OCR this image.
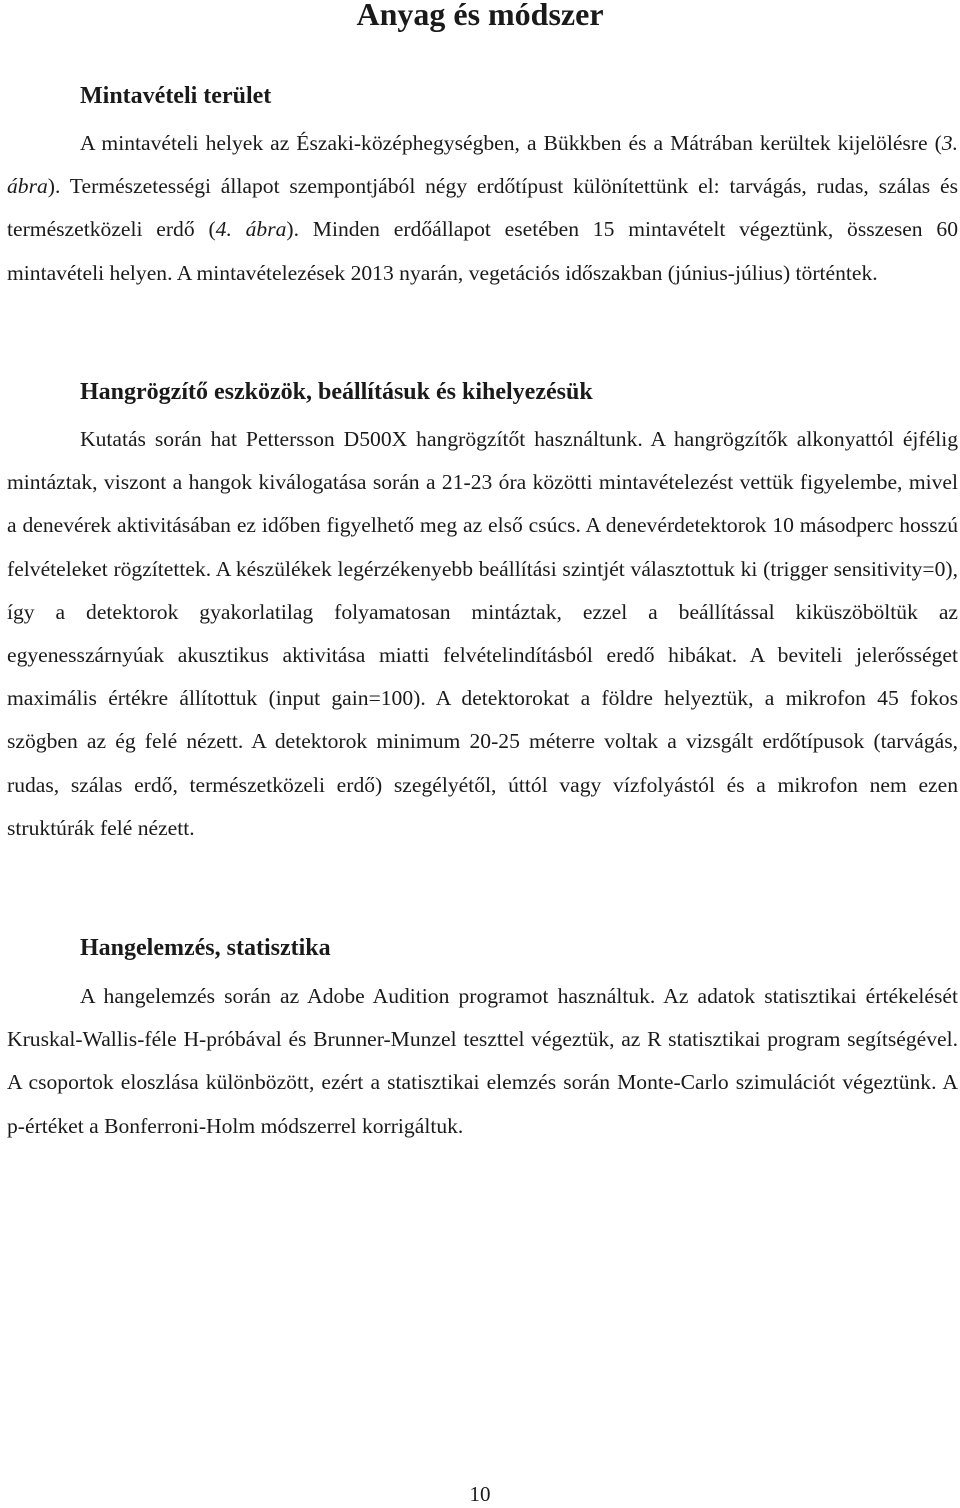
Anyag és módszer
Mintavételi terület

A mintavételi helyek az Északi-középhegységben, a Bükkben és a Mátrában kerültek kijelölésre (3. ábra). Természetességi állapot szempontjából négy erdőtípust különítettünk el: tarvágás, rudas, szálas és természetközeli erdő (4. ábra). Minden erdőállapot esetében 15 mintavételt végeztünk, összesen 60 mintavételi helyen. A mintavételezések 2013 nyarán, vegetációs időszakban (június-július) történtek.

Hangrögzítő eszközök, beállításuk és kihelyezésük

Kutatás során hat Pettersson D500X hangrögzítőt használtunk. A hangrögzítők alkonyattól éjfélig mintáztak, viszont a hangok kiválogatása során a 21-23 óra közötti mintavételezést vettük figyelembe, mivel a denevérek aktivitásában ez időben figyelhető meg az első csúcs. A denevérdetektorok 10 másodperc hosszú felvételeket rögzítettek. A készülékek legérzékenyebb beállítási szintjét választottuk ki (trigger sensitivity=0), így a detektorok gyakorlatilag folyamatosan mintáztak, ezzel a beállítással kiküszöböltük az egyenesszárnyúak akusztikus aktivitása miatti felvételindításból eredő hibákat. A beviteli jelerősséget maximális értékre állítottuk (input gain=100). A detektorokat a földre helyeztük, a mikrofon 45 fokos szögben az ég felé nézett. A detektorok minimum 20-25 méterre voltak a vizsgált erdőtípusok (tarvágás, rudas, szálas erdő, természetközeli erdő) szegélyétől, úttól vagy vízfolyástól és a mikrofon nem ezen struktúrák felé nézett.

Hangelemzés, statisztika

A hangelemzés során az Adobe Audition programot használtuk. Az adatok statisztikai értékelését Kruskal-Wallis-féle H-próbával és Brunner-Munzel teszttel végeztük, az R statisztikai program segítségével. A csoportok eloszlása különbözött, ezért a statisztikai elemzés során Monte-Carlo szimulációt végeztünk. A p-értéket a Bonferroni-Holm módszerrel korrigáltuk.

10
